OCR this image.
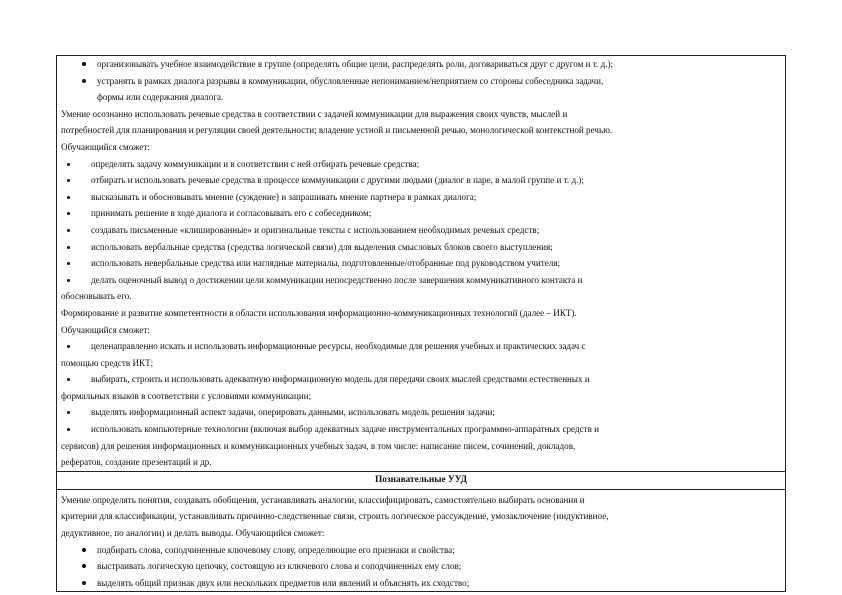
организовывать учебное взаимодействие в группе (определять общие цели, распределять роли, договариваться друг с другом и т. д.);
устранять в рамках диалога разрывы в коммуникации, обусловленные непониманием/неприятием со стороны собеседника задачи,
формы или содержания диалога.
Умение осознанно использовать речевые средства в соответствии с задачей коммуникации для выражения своих чувств, мыслей и
потребностей для планирования и регуляции своей деятельности; владение устной и письменной речью, монологической контекстной речью.
Обучающийся сможет:
определять задачу коммуникации и в соответствии с ней отбирать речевые средства;
отбирать и использовать речевые средства в процессе коммуникации с другими людьми (диалог в паре, в малой группе и т. д.);
высказывать и обосновывать мнение (суждение) и запрашивать мнение партнера в рамках диалога;
принимать решение в ходе диалога и согласовывать его с собеседником;
создавать письменные «клишированные» и оригинальные тексты с использованием необходимых речевых средств;
использовать вербальные средства (средства логической связи) для выделения смысловых блоков своего выступления;
использовать невербальные средства или наглядные материалы, подготовленные/отобранные под руководством учителя;
делать оценочный вывод о достижении цели коммуникации непосредственно после завершения коммуникативного контакта и
обосновывать его.
Формирование и развитие компетентности в области использования информационно-коммуникационных технологий (далее – ИКТ).
Обучающийся сможет:
целенаправленно искать и использовать информационные ресурсы, необходимые для решения учебных и практических задач с
помощью средств ИКТ;
выбирать, строить и использовать адекватную информационную модель для передачи своих мыслей средствами естественных и
формальных языков в соответствии с условиями коммуникации;
выделять информационный аспект задачи, оперировать данными, использовать модель решения задачи;
использовать компьютерные технологии (включая выбор адекватных задаче инструментальных программно-аппаратных средств и
сервисов) для решения информационных и коммуникационных учебных задач, в том числе: написание писем, сочинений, докладов,
рефератов, создание презентаций и др.

Познавательные УУД

Умение определять понятия, создавать обобщения, устанавливать аналогии, классифицировать, самостоятельно выбирать основания и
критерии для классификации, устанавливать причинно-следственные связи, строить логическое рассуждение, умозаключение (индуктивное,
дедуктивное, по аналогии) и делать выводы. Обучающийся сможет:
подбирать слова, соподчиненные ключевому слову, определяющие его признаки и свойства;
выстраивать логическую цепочку, состоящую из ключевого слова и соподчиненных ему слов;
выделять общий признак двух или нескольких предметов или явлений и объяснять их сходство;
